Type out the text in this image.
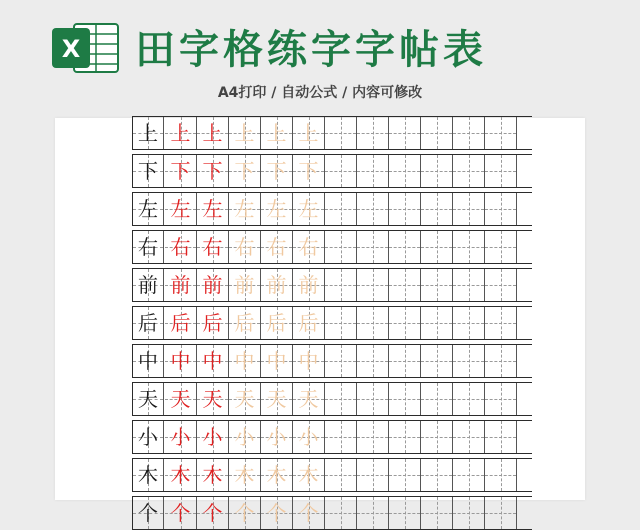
X 田字格练字字帖表
A4打印 / 自动公式 / 内容可修改
上 上 上 上 上 上
下 下 下 下 下 下
左 左 左 左 左 左
右 右 右 右 右 右
前 前 前 前 前 前
后 后 后 后 后 后
中 中 中 中 中 中
天 天 天 天 天 天
小 小 小 小 小 小
木 木 木 木 木 木
个 个 个 个 个 个
